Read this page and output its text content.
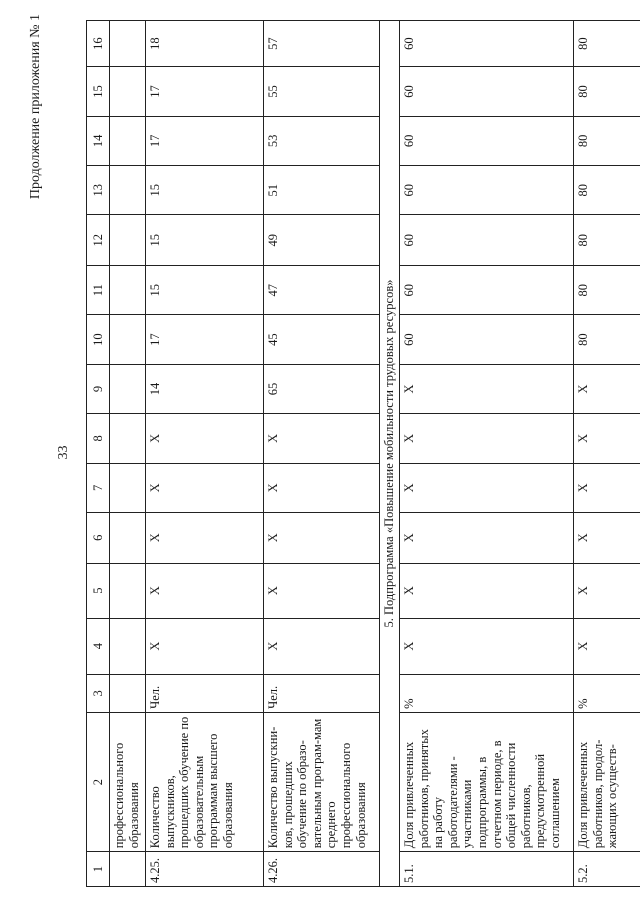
33
Продолжение приложения № 1
1	2	3	4	5	6	7	8	9	10	11	12	13	14	15	16
	профессионального образования														
4.25.	Количество выпускников, прошедших обучение по образовательным программам высшего образования	Чел.	Х	Х	Х	Х	Х	14	17	15	15	15	17	17	18
4.26.	Количество выпускни-ков, прошедших обучение по образо-вательным програм-мам среднего профессионального образования	Чел.	Х	Х	Х	Х	Х	65	45	47	49	51	53	55	57
5. Подпрограмма «Повышение мобильности трудовых ресурсов»															
5.1.	Доля привлеченных работников, принятых на работу работодателями - участниками подпрограммы, в отчетном периоде, в общей численности работников, предусмотренной соглашением	%	Х	Х	Х	Х	Х	Х	60	60	60	60	60	60	60
5.2.	Доля привлеченных работников, продол-жающих осуществ-	%	Х	Х	Х	Х	Х	Х	80	80	80	80	80	80	80
